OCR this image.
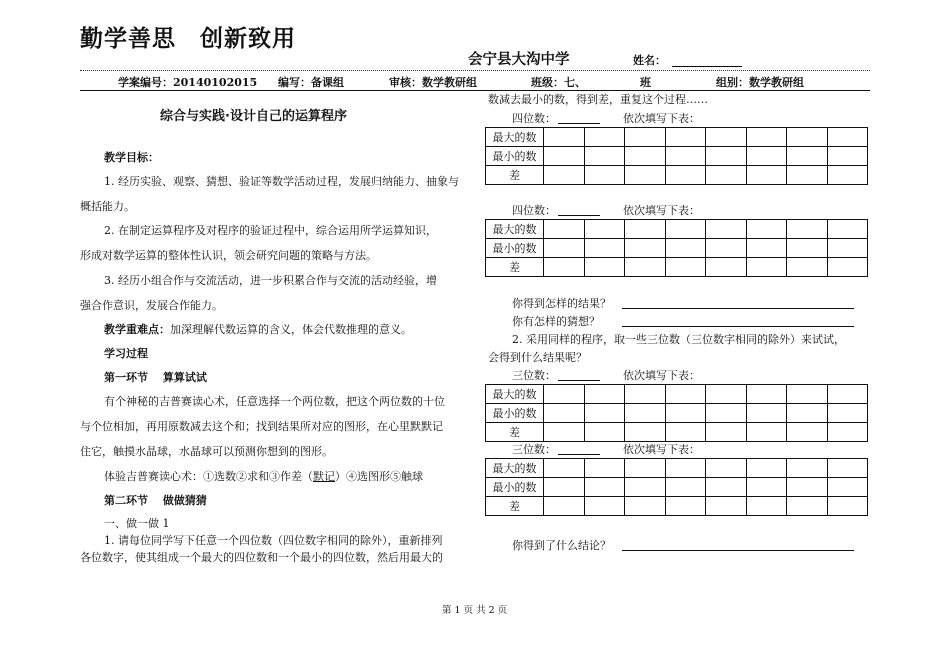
勤学善思　创新致用
会宁县大沟中学	姓名：
学案编号：20140102015 编写：备课组	审核：数学教研组	班级：七、	班	组别：数学教研组
综合与实践·设计自己的运算程序
教学目标：
1. 经历实验、观察、猜想、验证等数学活动过程，发展归纳能力、抽象与
概括能力。
2. 在制定运算程序及对程序的验证过程中，综合运用所学运算知识，
形成对数学运算的整体性认识，领会研究问题的策略与方法。
3. 经历小组合作与交流活动，进一步积累合作与交流的活动经验，增
强合作意识，发展合作能力。
教学重难点：加深理解代数运算的含义，体会代数推理的意义。
学习过程
第一环节　 算算试试
有个神秘的吉普赛读心术，任意选择一个两位数，把这个两位数的十位
与个位相加，再用原数减去这个和；找到结果所对应的图形，在心里默默记
住它，触摸水晶球，水晶球可以预测你想到的图形。
体验吉普赛读心术：①选数②求和③作差（默记）④选图形⑤触球
第二环节　 做做猜猜
一、做一做 1
1. 请每位同学写下任意一个四位数（四位数字相同的除外），重新排列
各位数字，使其组成一个最大的四位数和一个最小的四位数，然后用最大的
数减去最小的数，得到差，重复这个过程……
四位数：	依次填写下表：
最大的数								
最小的数								
差								
四位数：	依次填写下表：
最大的数								
最小的数								
差								
你得到怎样的结果？
你有怎样的猜想？
2. 采用同样的程序，取一些三位数（三位数字相同的除外）来试试，
会得到什么结果呢？
三位数：	依次填写下表：
最大的数								
最小的数								
差								
三位数：	依次填写下表：
最大的数								
最小的数								
差								
你得到了什么结论？
第 1 页 共 2 页
